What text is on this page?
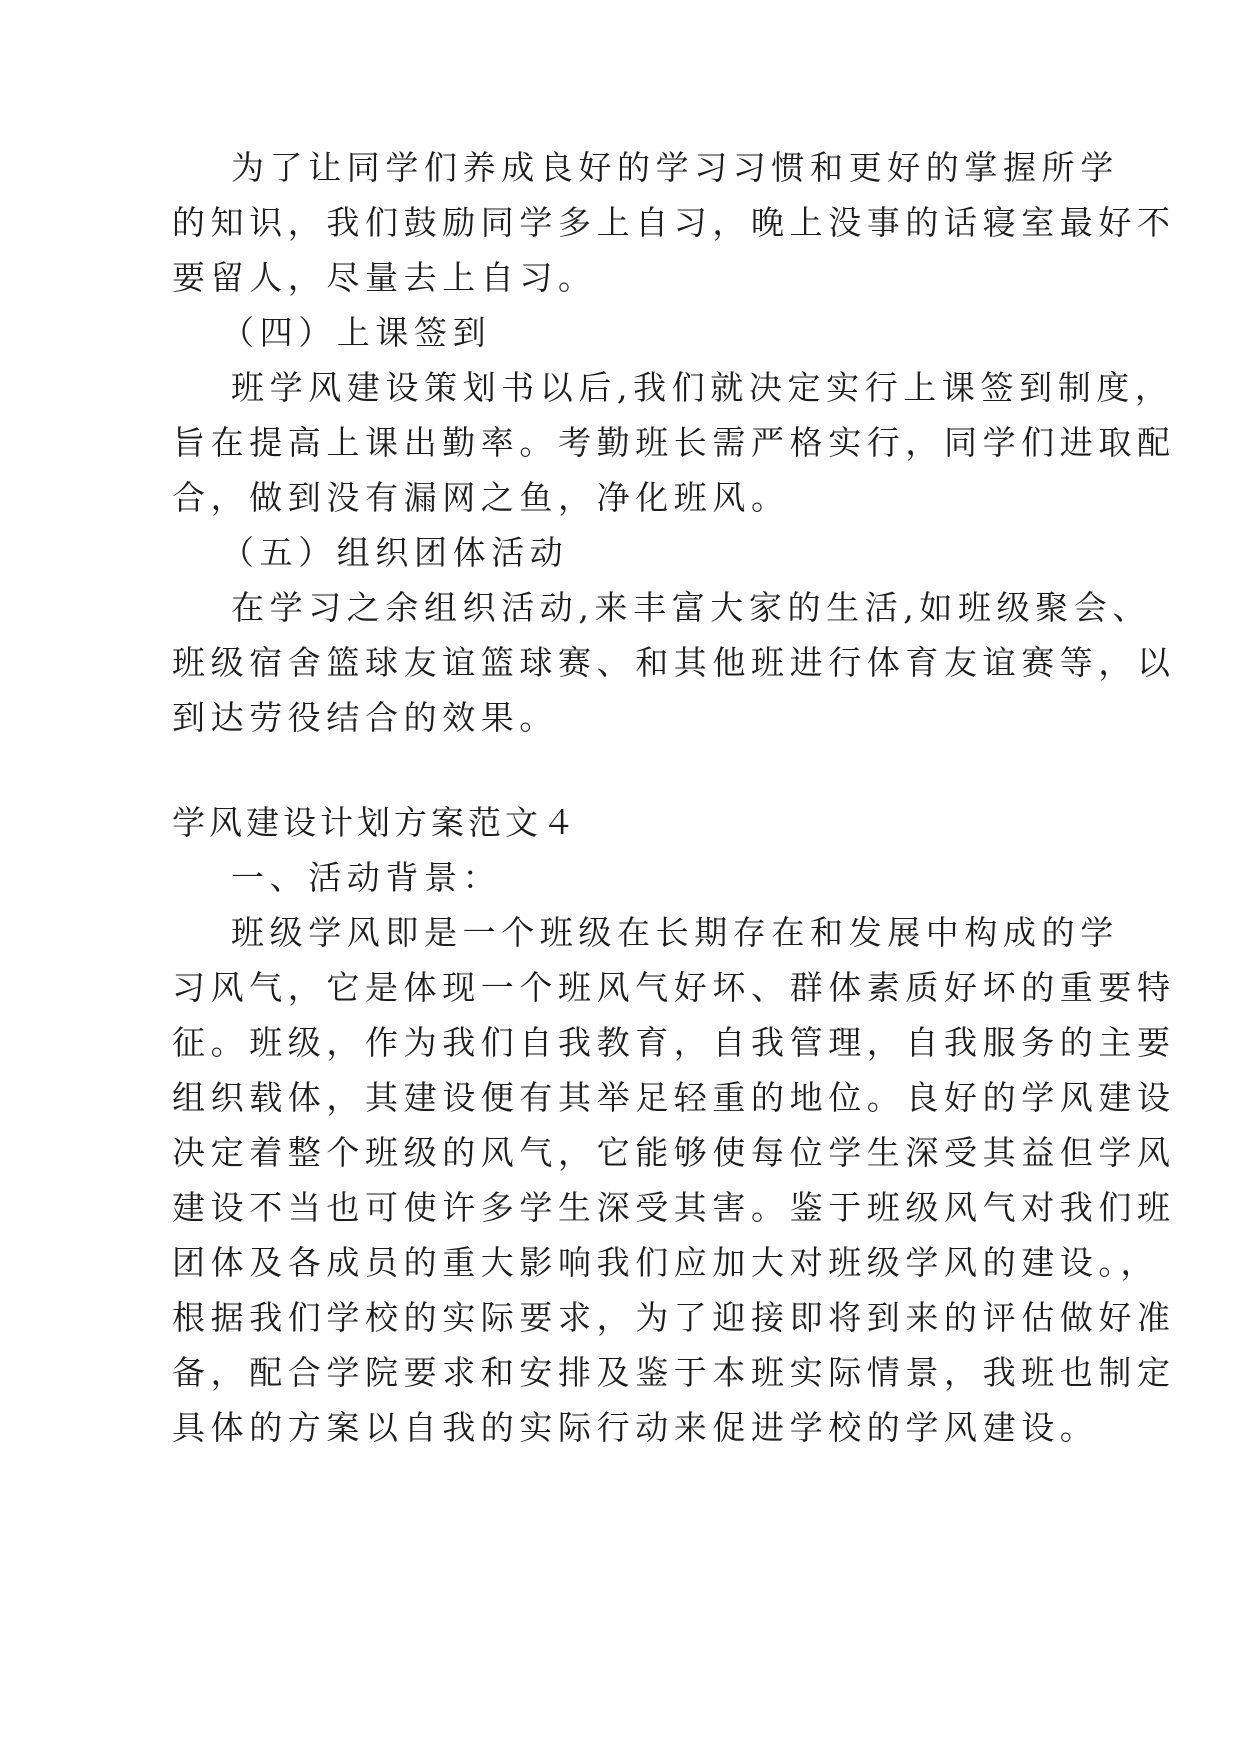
为了让同学们养成良好的学习习惯和更好的掌握所学
的知识，我们鼓励同学多上自习，晚上没事的话寝室最好不
要留人，尽量去上自习。
（四）上课签到
班学风建设策划书以后,我们就决定实行上课签到制度，
旨在提高上课出勤率。考勤班长需严格实行，同学们进取配
合，做到没有漏网之鱼，净化班风。
（五）组织团体活动
在学习之余组织活动,来丰富大家的生活,如班级聚会、
班级宿舍篮球友谊篮球赛、和其他班进行体育友谊赛等，以
到达劳役结合的效果。
学风建设计划方案范文４
一、活动背景：
班级学风即是一个班级在长期存在和发展中构成的学
习风气，它是体现一个班风气好坏、群体素质好坏的重要特
征。班级，作为我们自我教育，自我管理，自我服务的主要
组织载体，其建设便有其举足轻重的地位。良好的学风建设
决定着整个班级的风气，它能够使每位学生深受其益但学风
建设不当也可使许多学生深受其害。鉴于班级风气对我们班
团体及各成员的重大影响我们应加大对班级学风的建设。，
根据我们学校的实际要求，为了迎接即将到来的评估做好准
备，配合学院要求和安排及鉴于本班实际情景，我班也制定
具体的方案以自我的实际行动来促进学校的学风建设。
